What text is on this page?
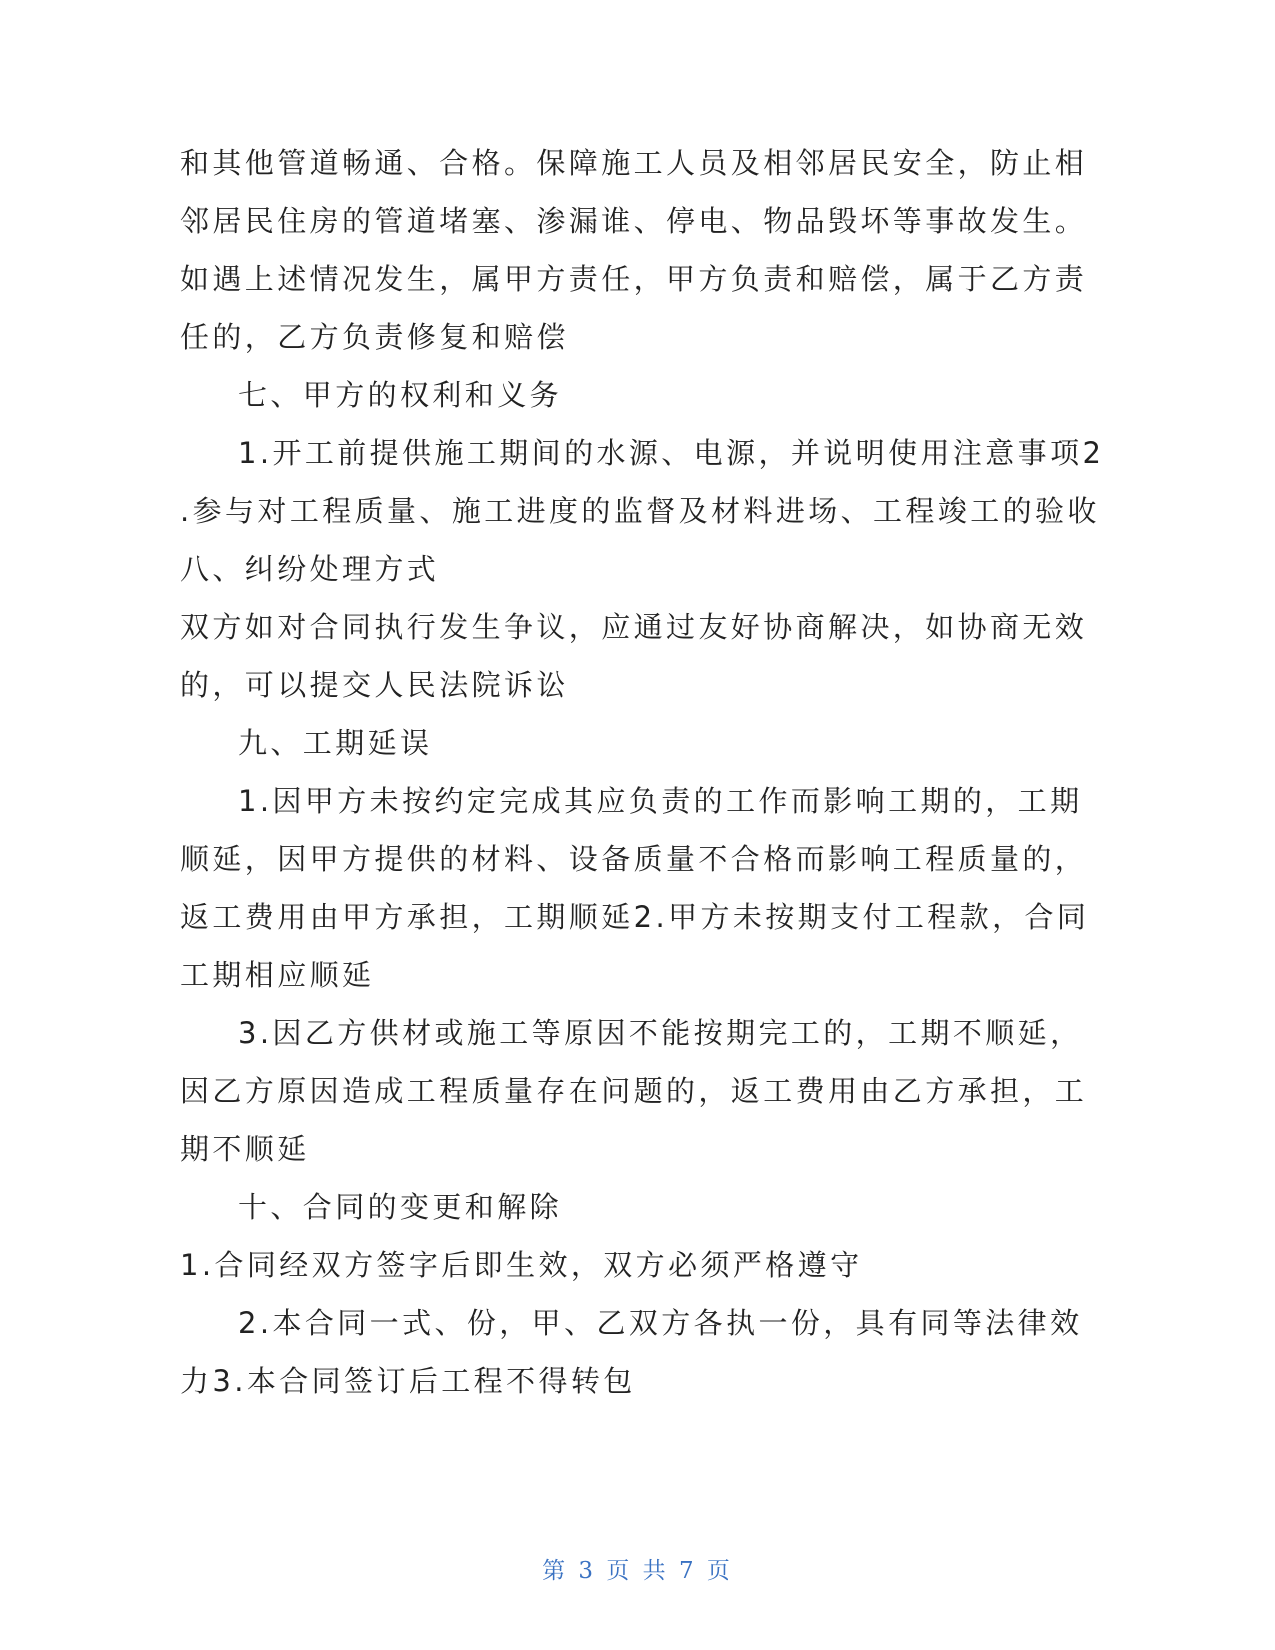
和其他管道畅通、合格。保障施工人员及相邻居民安全，防止相
邻居民住房的管道堵塞、渗漏谁、停电、物品毁坏等事故发生。
如遇上述情况发生，属甲方责任，甲方负责和赔偿，属于乙方责
任的，乙方负责修复和赔偿
七、甲方的权利和义务
1.开工前提供施工期间的水源、电源，并说明使用注意事项2
.参与对工程质量、施工进度的监督及材料进场、工程竣工的验收
八、纠纷处理方式
双方如对合同执行发生争议，应通过友好协商解决，如协商无效
的，可以提交人民法院诉讼
九、工期延误
1.因甲方未按约定完成其应负责的工作而影响工期的，工期
顺延，因甲方提供的材料、设备质量不合格而影响工程质量的，
返工费用由甲方承担，工期顺延2.甲方未按期支付工程款，合同
工期相应顺延
3.因乙方供材或施工等原因不能按期完工的，工期不顺延，
因乙方原因造成工程质量存在问题的，返工费用由乙方承担，工
期不顺延
十、合同的变更和解除
1.合同经双方签字后即生效，双方必须严格遵守
2.本合同一式、份，甲、乙双方各执一份，具有同等法律效
力3.本合同签订后工程不得转包
第 3 页 共 7 页
